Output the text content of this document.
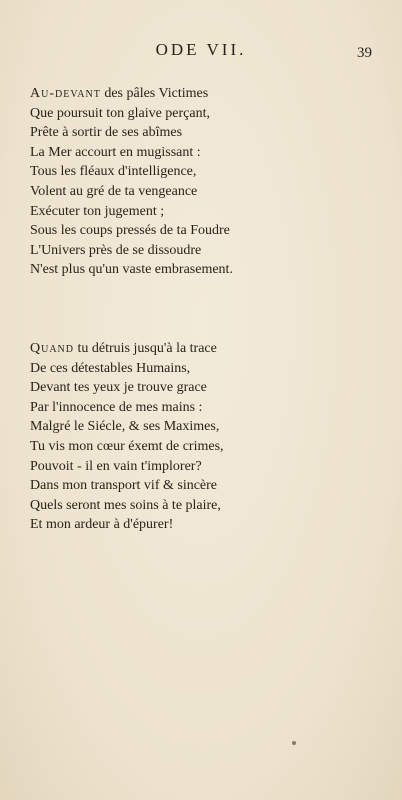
ODE VII.	39
Au-devant des pâles Victimes
Que poursuit ton glaive perçant,
Prête à sortir de ses abîmes
La Mer accourt en mugissant :
Tous les fléaux d'intelligence,
Volent au gré de ta vengeance
Exécuter ton jugement ;
Sous les coups pressés de ta Foudre
L'Univers près de se dissoudre
N'est plus qu'un vaste embrasement.
Quand tu détruis jusqu'à la trace
De ces détestables Humains,
Devant tes yeux je trouve grace
Par l'innocence de mes mains :
Malgré le Siécle, & ses Maximes,
Tu vis mon cœur éxemt de crimes,
Pouvoit - il en vain t'implorer?
Dans mon transport vif & sincère
Quels seront mes soins à te plaire,
Et mon ardeur à d'épurer!
